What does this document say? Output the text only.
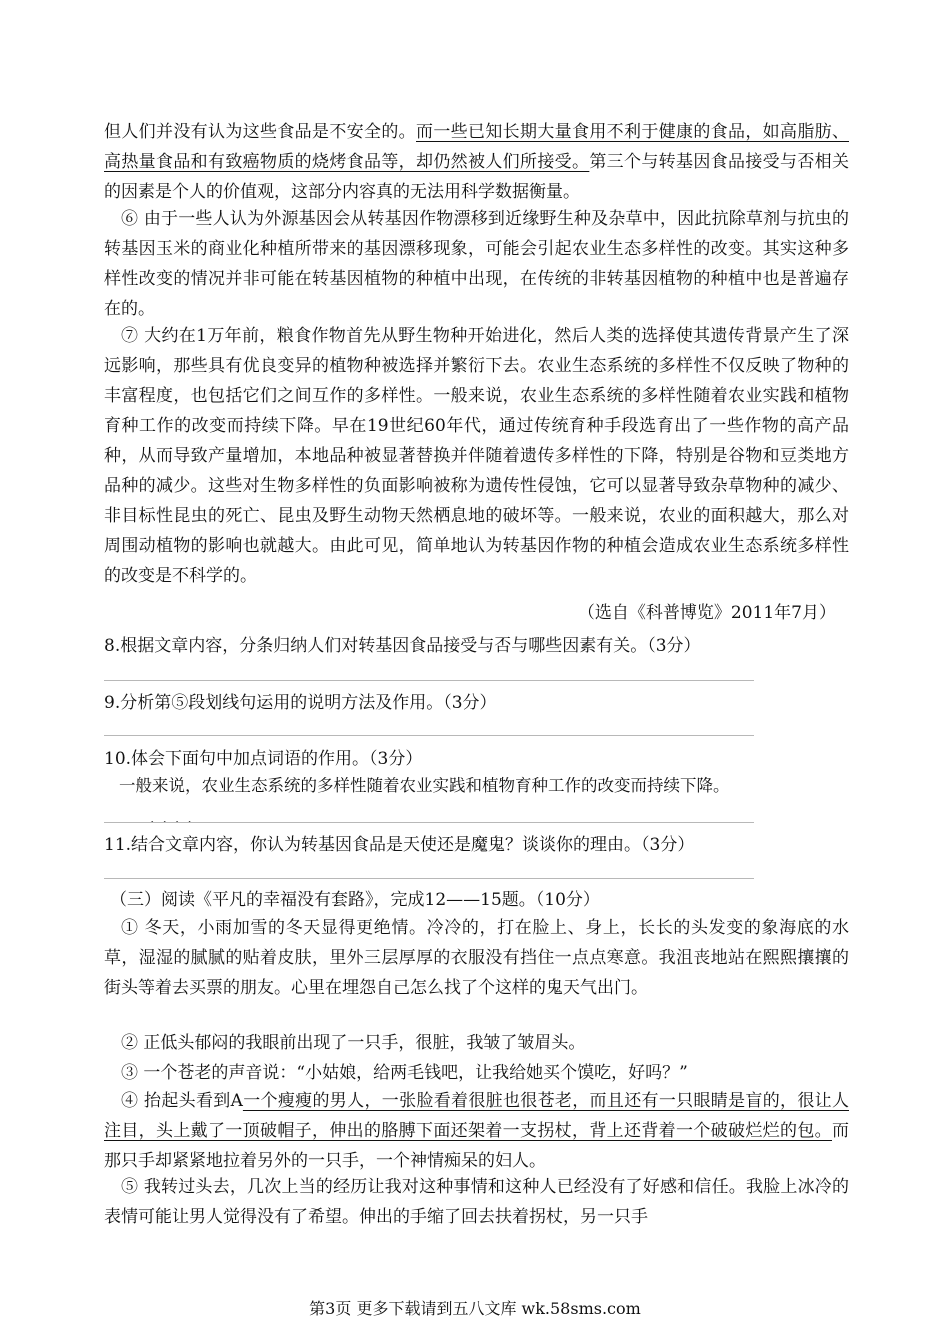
但人们并没有认为这些食品是不安全的。而一些已知长期大量食用不利于健康的食品，如高脂肪、高热量食品和有致癌物质的烧烤食品等，却仍然被人们所接受。第三个与转基因食品接受与否相关的因素是个人的价值观，这部分内容真的无法用科学数据衡量。

⑥ 由于一些人认为外源基因会从转基因作物漂移到近缘野生种及杂草中，因此抗除草剂与抗虫的转基因玉米的商业化种植所带来的基因漂移现象，可能会引起农业生态多样性的改变。其实这种多样性改变的情况并非可能在转基因植物的种植中出现，在传统的非转基因植物的种植中也是普遍存在的。

⑦ 大约在1万年前，粮食作物首先从野生物种开始进化，然后人类的选择使其遗传背景产生了深远影响，那些具有优良变异的植物种被选择并繁衍下去。农业生态系统的多样性不仅反映了物种的丰富程度，也包括它们之间互作的多样性。一般来说，农业生态系统的多样性随着农业实践和植物育种工作的改变而持续下降。早在19世纪60年代，通过传统育种手段选育出了一些作物的高产品种，从而导致产量增加，本地品种被显著替换并伴随着遗传多样性的下降，特别是谷物和豆类地方品种的减少。这些对生物多样性的负面影响被称为遗传性侵蚀，它可以显著导致杂草物种的减少、非目标性昆虫的死亡、昆虫及野生动物天然栖息地的破坏等。一般来说，农业的面积越大，那么对周围动植物的影响也就越大。由此可见，简单地认为转基因作物的种植会造成农业生态系统多样性的改变是不科学的。

（选自《科普博览》2011年7月）

8.根据文章内容，分条归纳人们对转基因食品接受与否与哪些因素有关。（3分）

9.分析第⑤段划线句运用的说明方法及作用。（3分）

10.体会下面句中加点词语的作用。（3分）

一般来说，农业生态系统的多样性随着农业实践和植物育种工作的改变而持续下降。

····

11.结合文章内容，你认为转基因食品是天使还是魔鬼？谈谈你的理由。（3分）

（三）阅读《平凡的幸福没有套路》，完成12——15题。（10分）

① 冬天，小雨加雪的冬天显得更绝情。冷冷的，打在脸上、身上，长长的头发变的象海底的水草，湿湿的腻腻的贴着皮肤，里外三层厚厚的衣服没有挡住一点点寒意。我沮丧地站在熙熙攘攘的街头等着去买票的朋友。心里在埋怨自己怎么找了个这样的鬼天气出门。

② 正低头郁闷的我眼前出现了一只手，很脏，我皱了皱眉头。

③ 一个苍老的声音说：“小姑娘，给两毛钱吧，让我给她买个馍吃，好吗？”

④ 抬起头看到A一个瘦瘦的男人，一张脸看着很脏也很苍老，而且还有一只眼睛是盲的，很让人注目，头上戴了一顶破帽子，伸出的胳膊下面还架着一支拐杖，背上还背着一个破破烂烂的包。而那只手却紧紧地拉着另外的一只手，一个神情痴呆的妇人。

⑤ 我转过头去，几次上当的经历让我对这种事情和这种人已经没有了好感和信任。我脸上冰冷的表情可能让男人觉得没有了希望。伸出的手缩了回去扶着拐杖，另一只手

第3页 更多下载请到五八文库 wk.58sms.com
